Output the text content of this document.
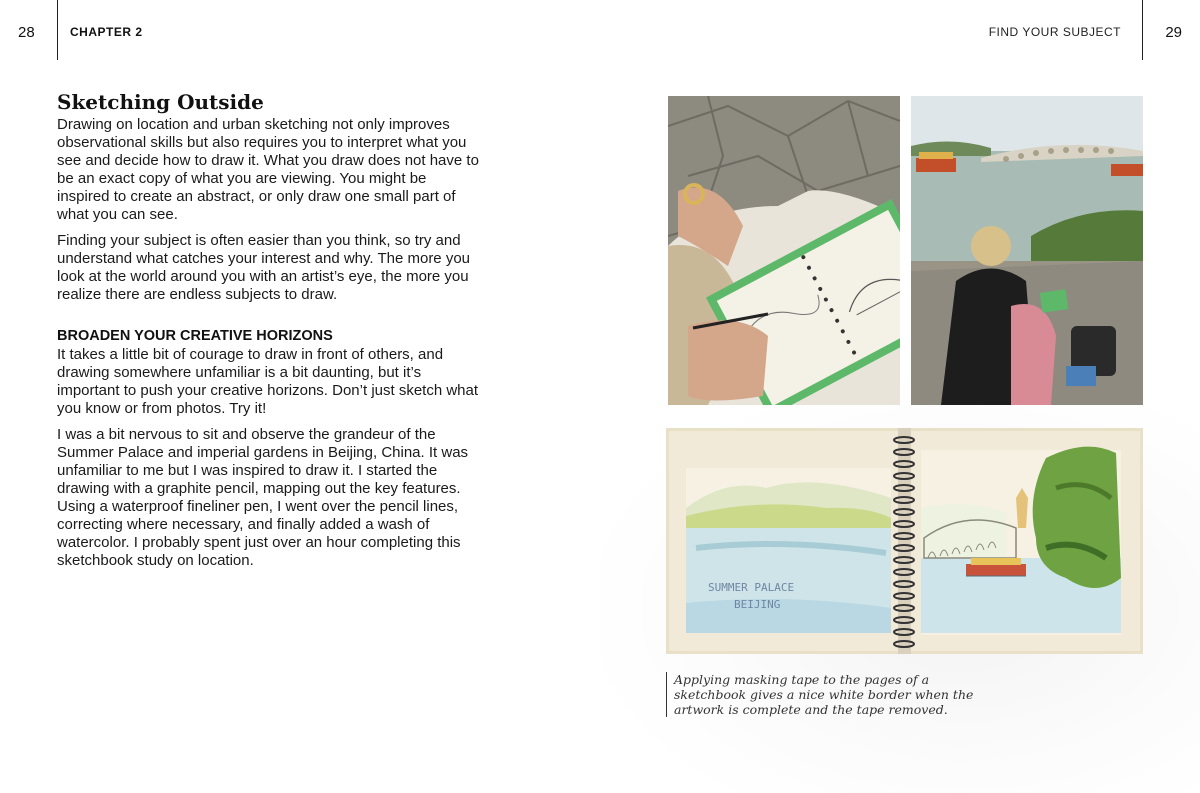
28	CHAPTER 2
Sketching Outside

Drawing on location and urban sketching not only improves observational skills but also requires you to interpret what you see and decide how to draw it. What you draw does not have to be an exact copy of what you are viewing. You might be inspired to create an abstract, or only draw one small part of what you can see.

Finding your subject is often easier than you think, so try and understand what catches your interest and why. The more you look at the world around you with an artist’s eye, the more you realize there are endless subjects to draw.

BROADEN YOUR CREATIVE HORIZONS

It takes a little bit of courage to draw in front of others, and drawing somewhere unfamiliar is a bit daunting, but it’s important to push your creative horizons. Don’t just sketch what you know or from photos. Try it!

I was a bit nervous to sit and observe the grandeur of the Summer Palace and imperial gardens in Beijing, China. It was unfamiliar to me but I was inspired to draw it. I started the drawing with a graphite pencil, mapping out the key features. Using a waterproof fineliner pen, I went over the pencil lines, correcting where necessary, and finally added a wash of watercolor. I probably spent just over an hour completing this sketchbook study on location.

FIND YOUR SUBJECT	29
SUMMER PALACE
BEIJING
Applying masking tape to the pages of a sketchbook gives a nice white border when the artwork is complete and the tape removed.
